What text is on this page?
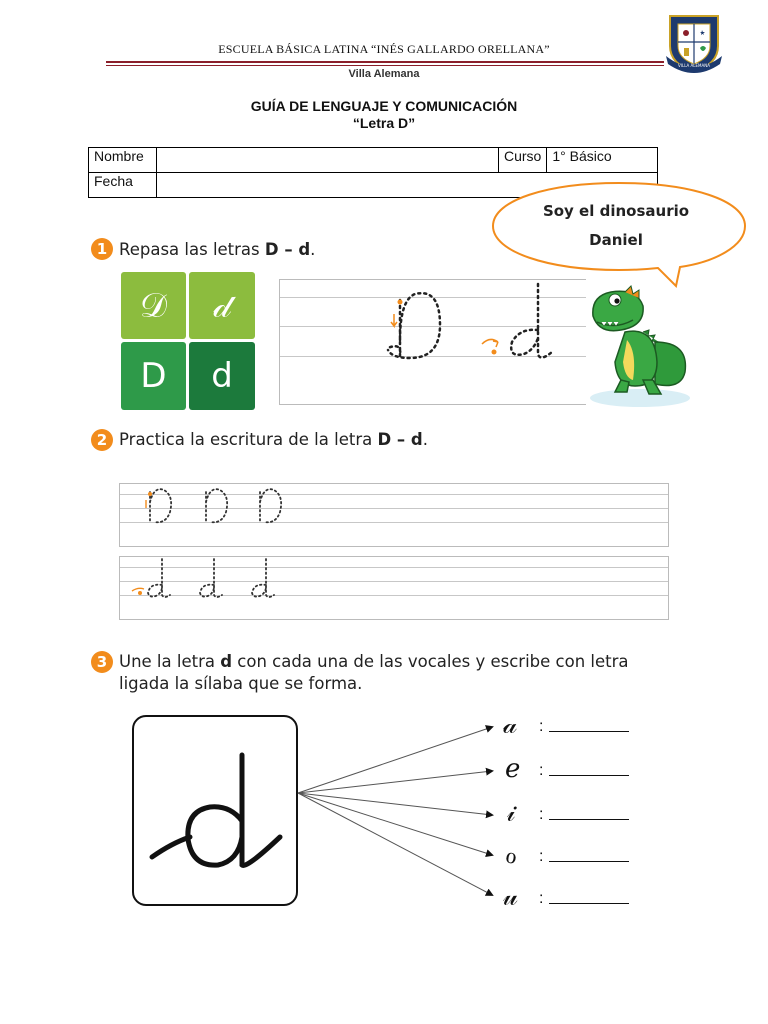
ESCUELA BÁSICA LATINA “INÉS GALLARDO ORELLANA”
Villa Alemana
VILLA ALEMANA
GUÍA DE LENGUAJE Y COMUNICACIÓN
“Letra D”
Nombre		Curso	1° Básico
Fecha			
Soy el dinosaurio
Daniel
1 Repasa las letras D – d.
𝒟 𝒹
D d
2 Practica la escritura de la letra D – d.
3 Une la letra d con cada una de las vocales y escribe con letra
ligada la sílaba que se forma.
𝒶 :
ℯ :
𝒾 :
ℴ :
𝓊 :
